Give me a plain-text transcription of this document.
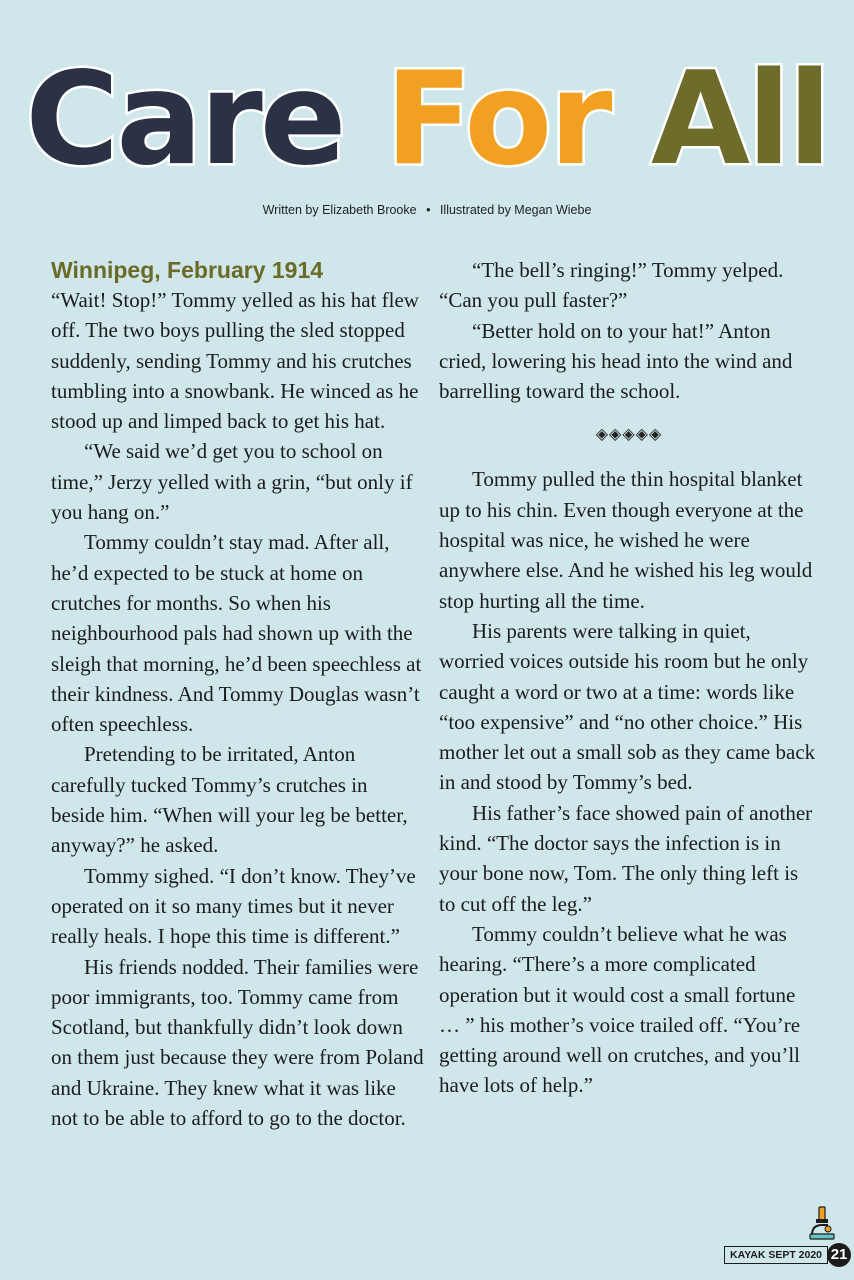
Care For All
Written by Elizabeth Brooke • Illustrated by Megan Wiebe
Winnipeg, February 1914

“Wait! Stop!” Tommy yelled as his hat flew off. The two boys pulling the sled stopped suddenly, sending Tommy and his crutches tumbling into a snowbank. He winced as he stood up and limped back to get his hat.

“We said we’d get you to school on time,” Jerzy yelled with a grin, “but only if you hang on.”

Tommy couldn’t stay mad. After all, he’d expected to be stuck at home on crutches for months. So when his neighbourhood pals had shown up with the sleigh that morning, he’d been speechless at their kindness. And Tommy Douglas wasn’t often speechless.

Pretending to be irritated, Anton carefully tucked Tommy’s crutches in beside him. “When will your leg be better, anyway?” he asked.

Tommy sighed. “I don’t know. They’ve operated on it so many times but it never really heals. I hope this time is different.”

His friends nodded. Their families were poor immigrants, too. Tommy came from Scotland, but thankfully didn’t look down on them just because they were from Poland and Ukraine. They knew what it was like not to be able to afford to go to the doctor.

“The bell’s ringing!” Tommy yelped. “Can you pull faster?”

“Better hold on to your hat!” Anton cried, lowering his head into the wind and barrelling toward the school.

◈◈◈◈◈

Tommy pulled the thin hospital blanket up to his chin. Even though everyone at the hospital was nice, he wished he were anywhere else. And he wished his leg would stop hurting all the time.

His parents were talking in quiet, worried voices outside his room but he only caught a word or two at a time: words like “too expensive” and “no other choice.” His mother let out a small sob as they came back in and stood by Tommy’s bed.

His father’s face showed pain of another kind. “The doctor says the infection is in your bone now, Tom. The only thing left is to cut off the leg.”

Tommy couldn’t believe what he was hearing. “There’s a more complicated operation but it would cost a small fortune … ” his mother’s voice trailed off. “You’re getting around well on crutches, and you’ll have lots of help.”

KAYAK SEPT 2020 21
